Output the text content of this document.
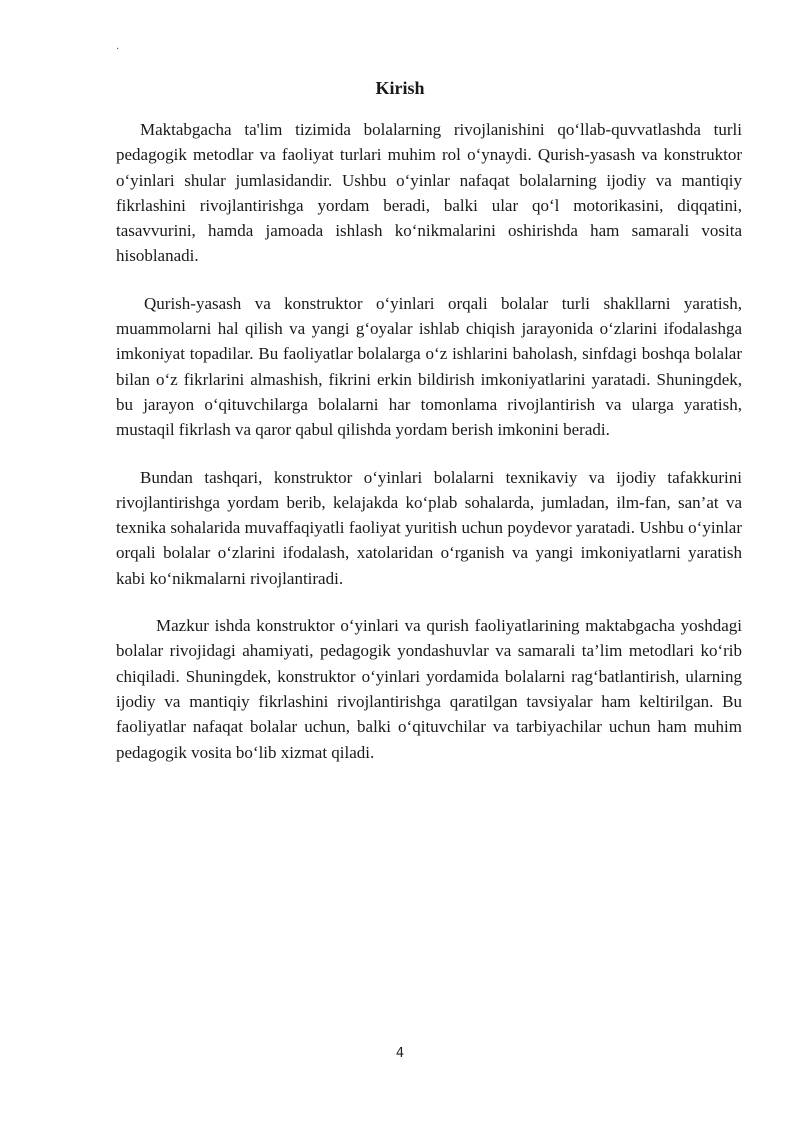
·
Kirish

Maktabgacha ta'lim tizimida bolalarning rivojlanishini qo‘llab-quvvatlashda turli pedagogik metodlar va faoliyat turlari muhim rol o‘ynaydi. Qurish-yasash va konstruktor o‘yinlari shular jumlasidandir. Ushbu o‘yinlar nafaqat bolalarning ijodiy va mantiqiy fikrlashini rivojlantirishga yordam beradi, balki ular qo‘l motorikasini, diqqatini, tasavvurini, hamda jamoada ishlash ko‘nikmalarini oshirishda ham samarali vosita hisoblanadi.

Qurish-yasash va konstruktor o‘yinlari orqali bolalar turli shakllarni yaratish, muammolarni hal qilish va yangi g‘oyalar ishlab chiqish jarayonida o‘zlarini ifodalashga imkoniyat topadilar. Bu faoliyatlar bolalarga o‘z ishlarini baholash, sinfdagi boshqa bolalar bilan o‘z fikrlarini almashish, fikrini erkin bildirish imkoniyatlarini yaratadi. Shuningdek, bu jarayon o‘qituvchilarga bolalarni har tomonlama rivojlantirish va ularga yaratish, mustaqil fikrlash va qaror qabul qilishda yordam berish imkonini beradi.

Bundan tashqari, konstruktor o‘yinlari bolalarni texnikaviy va ijodiy tafakkurini rivojlantirishga yordam berib, kelajakda ko‘plab sohalarda, jumladan, ilm-fan, san’at va texnika sohalarida muvaffaqiyatli faoliyat yuritish uchun poydevor yaratadi. Ushbu o‘yinlar orqali bolalar o‘zlarini ifodalash, xatolaridan o‘rganish va yangi imkoniyatlarni yaratish kabi ko‘nikmalarni rivojlantiradi.

Mazkur ishda konstruktor o‘yinlari va qurish faoliyatlarining maktabgacha yoshdagi bolalar rivojidagi ahamiyati, pedagogik yondashuvlar va samarali ta’lim metodlari ko‘rib chiqiladi. Shuningdek, konstruktor o‘yinlari yordamida bolalarni rag‘batlantirish, ularning ijodiy va mantiqiy fikrlashini rivojlantirishga qaratilgan tavsiyalar ham keltirilgan. Bu faoliyatlar nafaqat bolalar uchun, balki o‘qituvchilar va tarbiyachilar uchun ham muhim pedagogik vosita bo‘lib xizmat qiladi.

4
